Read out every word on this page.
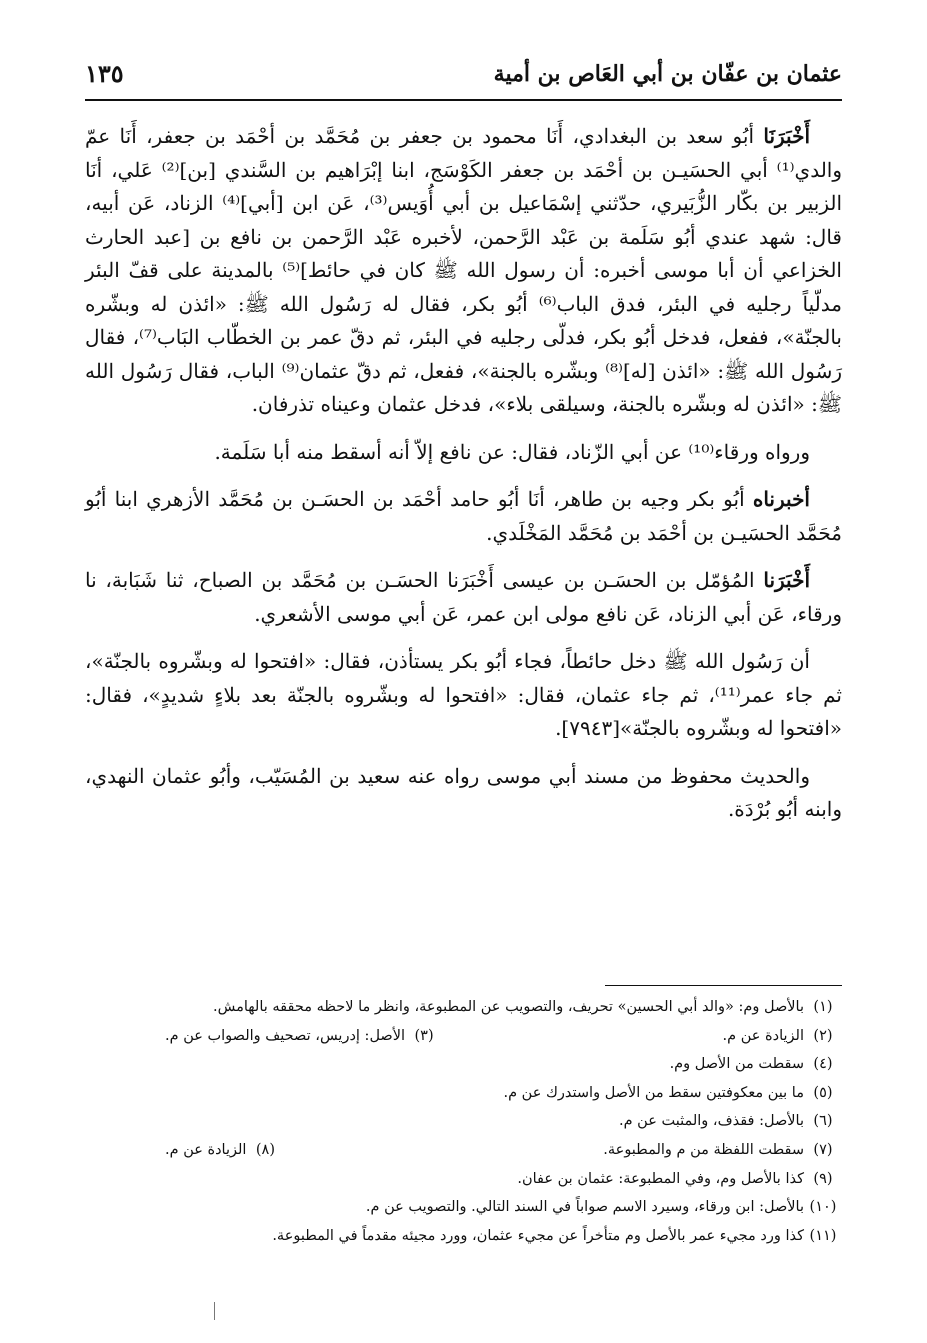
عثمان بن عفّان بن أبي العَاص بن أمية
١٣٥

أَخْبَرَنَا أبُو سعد بن البغدادي، أَنَا محمود بن جعفر بن مُحَمَّد بن أحْمَد بن جعفر، أَنَا عمّ والدي⁽¹⁾ أبي الحسَيـن بن أحْمَد بن جعفر الكَوْسَج، ابنا إبْرَاهيم بن السَّندي [بن]⁽²⁾ عَلي، أنَا الزبير بن بكّار الزُّبَيري، حدّثني إسْمَاعيل بن أبي أُوَيس⁽³⁾، عَن ابن [أبي]⁽⁴⁾ الزناد، عَن أبيه، قال: شهد عندي أبُو سَلَمة بن عَبْد الرَّحمن، لأخبره عَبْد الرَّحمن بن نافع بن [عبد الحارث الخزاعي أن أبا موسى أخبره: أن رسول الله ﷺ كان في حائط]⁽⁵⁾ بالمدينة على قفّ البئر مدلّياً رجليه في البئر، فدق الباب⁽⁶⁾ أبُو بكر، فقال له رَسُول الله ﷺ: «ائذن له وبشّره بالجنّة»، ففعل، فدخل أبُو بكر، فدلّى رجليه في البئر، ثم دقّ عمر بن الخطّاب البَاب⁽⁷⁾، فقال رَسُول الله ﷺ: «ائذن [له]⁽⁸⁾ وبشّره بالجنة»، ففعل، ثم دقّ عثمان⁽⁹⁾ الباب، فقال رَسُول الله ﷺ: «ائذن له وبشّره بالجنة، وسيلقى بلاء»، فدخل عثمان وعيناه تذرفان.

ورواه ورقاء⁽¹⁰⁾ عن أبي الزّناد، فقال: عن نافع إلاّ أنه أسقط منه أبا سَلَمة.

أخبرناه أبُو بكر وجيه بن طاهر، أنَا أبُو حامد أحْمَد بن الحسَـن بن مُحَمَّد الأزهري ابنا أبُو مُحَمَّد الحسَيـن بن أحْمَد بن مُحَمَّد المَخْلَدي.

أَخْبَرَنا المُؤمّل بن الحسَـن بن عيسى أَخْبَرَنا الحسَـن بن مُحَمَّد بن الصباح، ثنا شَبَابة، نا ورقاء، عَن أبي الزناد، عَن نافع مولى ابن عمر، عَن أبي موسى الأشعري.

أن رَسُول الله ﷺ دخل حائطاً، فجاء أبُو بكر يستأذن، فقال: «افتحوا له وبشّروه بالجنّة»، ثم جاء عمر⁽¹¹⁾، ثم جاء عثمان، فقال: «افتحوا له وبشّروه بالجنّة بعد بلاءٍ شديدٍ»، فقال: «افتحوا له وبشّروه بالجنّة»[٧٩٤٣].

والحديث محفوظ من مسند أبي موسى رواه عنه سعيد بن المُسَيّب، وأبُو عثمان النهدي، وابنه أبُو بُرْدَة.

(١)بالأصل وم: «والد أبي الحسين» تحريف، والتصويب عن المطبوعة، وانظر ما لاحظه محققه بالهامش.
(٢)الزيادة عن م.
(٣)الأصل: إدريس، تصحيف والصواب عن م.
(٤)سقطت من الأصل وم.
(٥)ما بين معكوفتين سقط من الأصل واستدرك عن م.
(٦)بالأصل: فقذف، والمثبت عن م.
(٧)سقطت اللفظة من م والمطبوعة.
(٨)الزيادة عن م.
(٩)كذا بالأصل وم، وفي المطبوعة: عثمان بن عفان.
(١٠)بالأصل: ابن ورقاء، وسيرد الاسم صواباً في السند التالي. والتصويب عن م.
(١١)كذا ورد مجيء عمر بالأصل وم متأخراً عن مجيء عثمان، وورد مجيئه مقدماً في المطبوعة.
